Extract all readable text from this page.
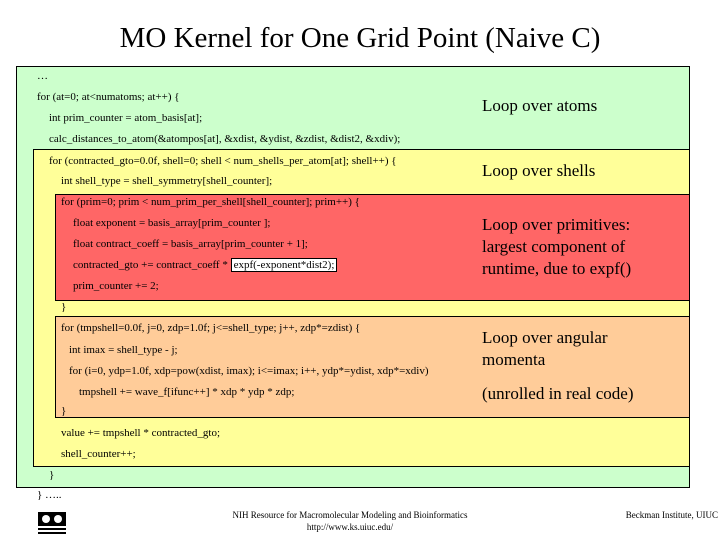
MO Kernel for One Grid Point (Naive C)
…
for (at=0; at<numatoms; at++) {
int prim_counter = atom_basis[at];
calc_distances_to_atom(&atompos[at], &xdist, &ydist, &zdist, &dist2, &xdiv);
for (contracted_gto=0.0f, shell=0; shell < num_shells_per_atom[at]; shell++) {
int shell_type = shell_symmetry[shell_counter];
for (prim=0; prim < num_prim_per_shell[shell_counter]; prim++) {
float exponent = basis_array[prim_counter ];
float contract_coeff = basis_array[prim_counter + 1];
contracted_gto += contract_coeff * expf(-exponent*dist2);
prim_counter += 2;
}
for (tmpshell=0.0f, j=0, zdp=1.0f; j<=shell_type; j++, zdp*=zdist) {
int imax = shell_type - j;
for (i=0, ydp=1.0f, xdp=pow(xdist, imax); i<=imax; i++, ydp*=ydist, xdp*=xdiv)
tmpshell += wave_f[ifunc++] * xdp * ydp * zdp;
}
value += tmpshell * contracted_gto;
shell_counter++;
}
} …..
Loop over atoms
Loop over shells
Loop over primitives:
largest component of
runtime, due to expf()
Loop over angular
momenta
(unrolled in real code)
NIH Resource for Macromolecular Modeling and Bioinformatics
http://www.ks.uiuc.edu/
Beckman Institute, UIUC
